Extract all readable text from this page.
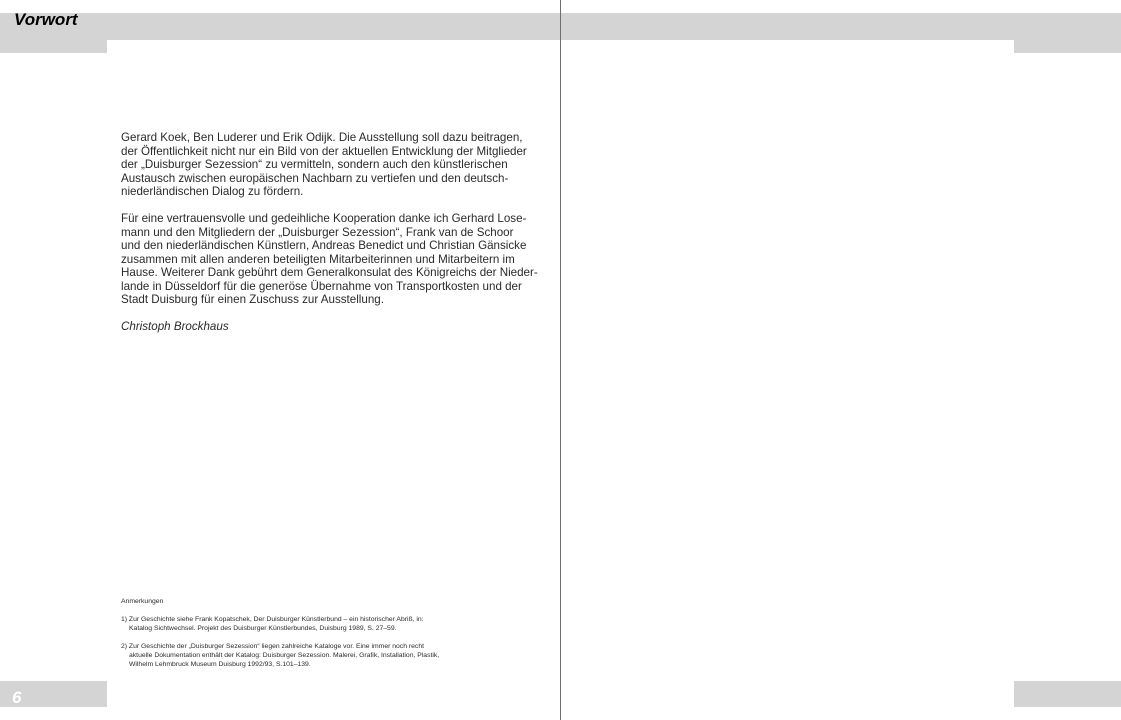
Vorwort
6

Gerard Koek, Ben Luderer und Erik Odijk. Die Ausstellung soll dazu beitragen,
der Öffentlichkeit nicht nur ein Bild von der aktuellen Entwicklung der Mitglieder
der „Duisburger Sezession“ zu vermitteln, sondern auch den künstlerischen
Austausch zwischen europäischen Nachbarn zu vertiefen und den deutsch-
niederländischen Dialog zu fördern.

Für eine vertrauensvolle und gedeihliche Kooperation danke ich Gerhard Lose-
mann und den Mitgliedern der „Duisburger Sezession“, Frank van de Schoor
und den niederländischen Künstlern, Andreas Benedict und Christian Gänsicke
zusammen mit allen anderen beteiligten Mitarbeiterinnen und Mitarbeitern im
Hause. Weiterer Dank gebührt dem Generalkonsulat des Königreichs der Nieder-
lande in Düsseldorf für die generöse Übernahme von Transportkosten und der
Stadt Duisburg für einen Zuschuss zur Ausstellung.

Christoph Brockhaus

Anmerkungen
1) Zur Geschichte siehe Frank Kopatschek, Der Duisburger Künstlerbund – ein historischer Abriß, in:
Katalog Sichtwechsel. Projekt des Duisburger Künstlerbundes, Duisburg 1989, S. 27–59.
2) Zur Geschichte der „Duisburger Sezession“ liegen zahlreiche Kataloge vor. Eine immer noch recht
aktuelle Dokumentation enthält der Katalog: Duisburger Sezession. Malerei, Grafik, Installation, Plastik,
Wilhelm Lehmbruck Museum Duisburg 1992/93, S.101–139.
